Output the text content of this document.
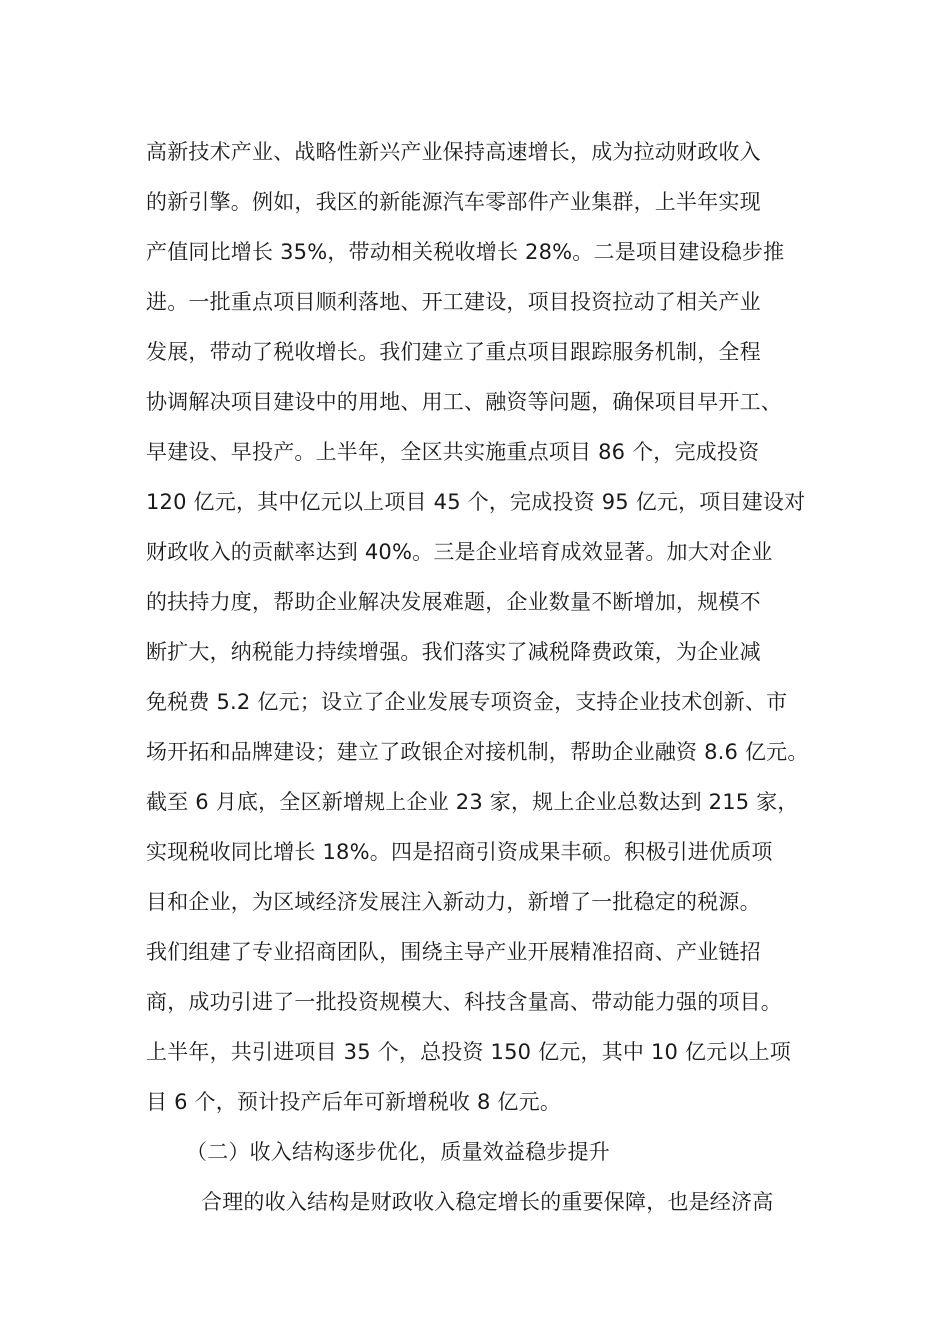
高新技术产业、战略性新兴产业保持高速增长，成为拉动财政收入
的新引擎。例如，我区的新能源汽车零部件产业集群，上半年实现
产值同比增长 35%，带动相关税收增长 28%。二是项目建设稳步推
进。一批重点项目顺利落地、开工建设，项目投资拉动了相关产业
发展，带动了税收增长。我们建立了重点项目跟踪服务机制，全程
协调解决项目建设中的用地、用工、融资等问题，确保项目早开工、
早建设、早投产。上半年，全区共实施重点项目 86 个，完成投资
120 亿元，其中亿元以上项目 45 个，完成投资 95 亿元，项目建设对
财政收入的贡献率达到 40%。三是企业培育成效显著。加大对企业
的扶持力度，帮助企业解决发展难题，企业数量不断增加，规模不
断扩大，纳税能力持续增强。我们落实了减税降费政策，为企业减
免税费 5.2 亿元；设立了企业发展专项资金，支持企业技术创新、市
场开拓和品牌建设；建立了政银企对接机制，帮助企业融资 8.6 亿元。
截至 6 月底，全区新增规上企业 23 家，规上企业总数达到 215 家，
实现税收同比增长 18%。四是招商引资成果丰硕。积极引进优质项
目和企业，为区域经济发展注入新动力，新增了一批稳定的税源。
我们组建了专业招商团队，围绕主导产业开展精准招商、产业链招
商，成功引进了一批投资规模大、科技含量高、带动能力强的项目。
上半年，共引进项目 35 个，总投资 150 亿元，其中 10 亿元以上项
目 6 个，预计投产后年可新增税收 8 亿元。
（二）收入结构逐步优化，质量效益稳步提升
合理的收入结构是财政收入稳定增长的重要保障，也是经济高
